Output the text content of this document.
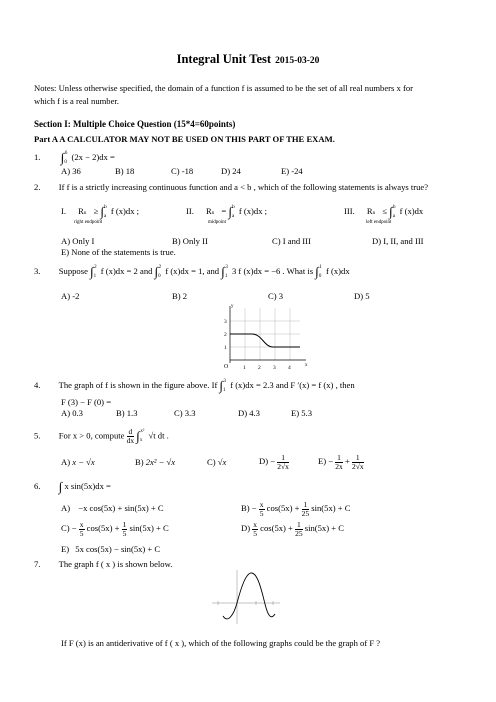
Integral Unit Test 2015-03-20
Notes: Unless otherwise specified, the domain of a function f is assumed to be the set of all real numbers x for
which f is a real number.
Section I: Multiple Choice Question (15*4=60points)
Part A A CALCULATOR MAY NOT BE USED ON THIS PART OF THE EXAM.
1. $\int_0^6$ (2x − 2)dx =
A) 36	B) 18	C) -18	D) 24	E) -24
2. If f is a strictly increasing continuous function and a < b , which of the following statements is always true?
I. $Rn \ge \int_a^b$ f (x)dx ;
right endpoint
II. $Rn = \int_a^b$ f (x)dx ;
midpoint
III. $Rn \le \int_a^b$ f (x)dx
left endpoint
A) Only I	B) Only II	C) I and III	D) I, II, and III
E) None of the statements is true.
3. Suppose $\int_1^2$ f (x)dx = 2 and $\int_0^2$ f (x)dx = 1, and $\int_1^3$ 3 f (x)dx = −6 . What is $\int_0^1$ f (x)dx
A) -2	B) 2	C) 3	D) 5
y
x
O	1 2 3 4
1
2
3
4. The graph of f is shown in the figure above. If $\int_1^3$ f (x)dx = 2.3 and F ′(x) = f (x) , then
F (3) − F (0) =
A) 0.3	B) 1.3	C) 3.3	D) 4.3	E) 5.3
5. For x > 0, compute $\frac{d}{dx} \int_x^{x^2}$ √t dt .
A) x − √x	B) 2x² − √x	C) √x	$D) - \frac{1}{2√x}$	$E) - \frac{1}{2x} + \frac{1}{2√x}$
6. ∫ x sin(5x)dx =
A) −x cos(5x) + sin(5x) + C	$B) - \frac{x}{5} \cos(5x) + \frac{1}{25} \sin(5x) + C$
$C) - \frac{x}{5} \cos(5x) + \frac{1}{5} \sin(5x) + C$	$D) \frac{x}{5} \cos(5x) + \frac{1}{25} \sin(5x) + C$
E) 5x cos(5x) − sin(5x) + C
7. The graph f ( x ) is shown below.
If F (x) is an antiderivative of f ( x ), which of the following graphs could be the graph of F ?
